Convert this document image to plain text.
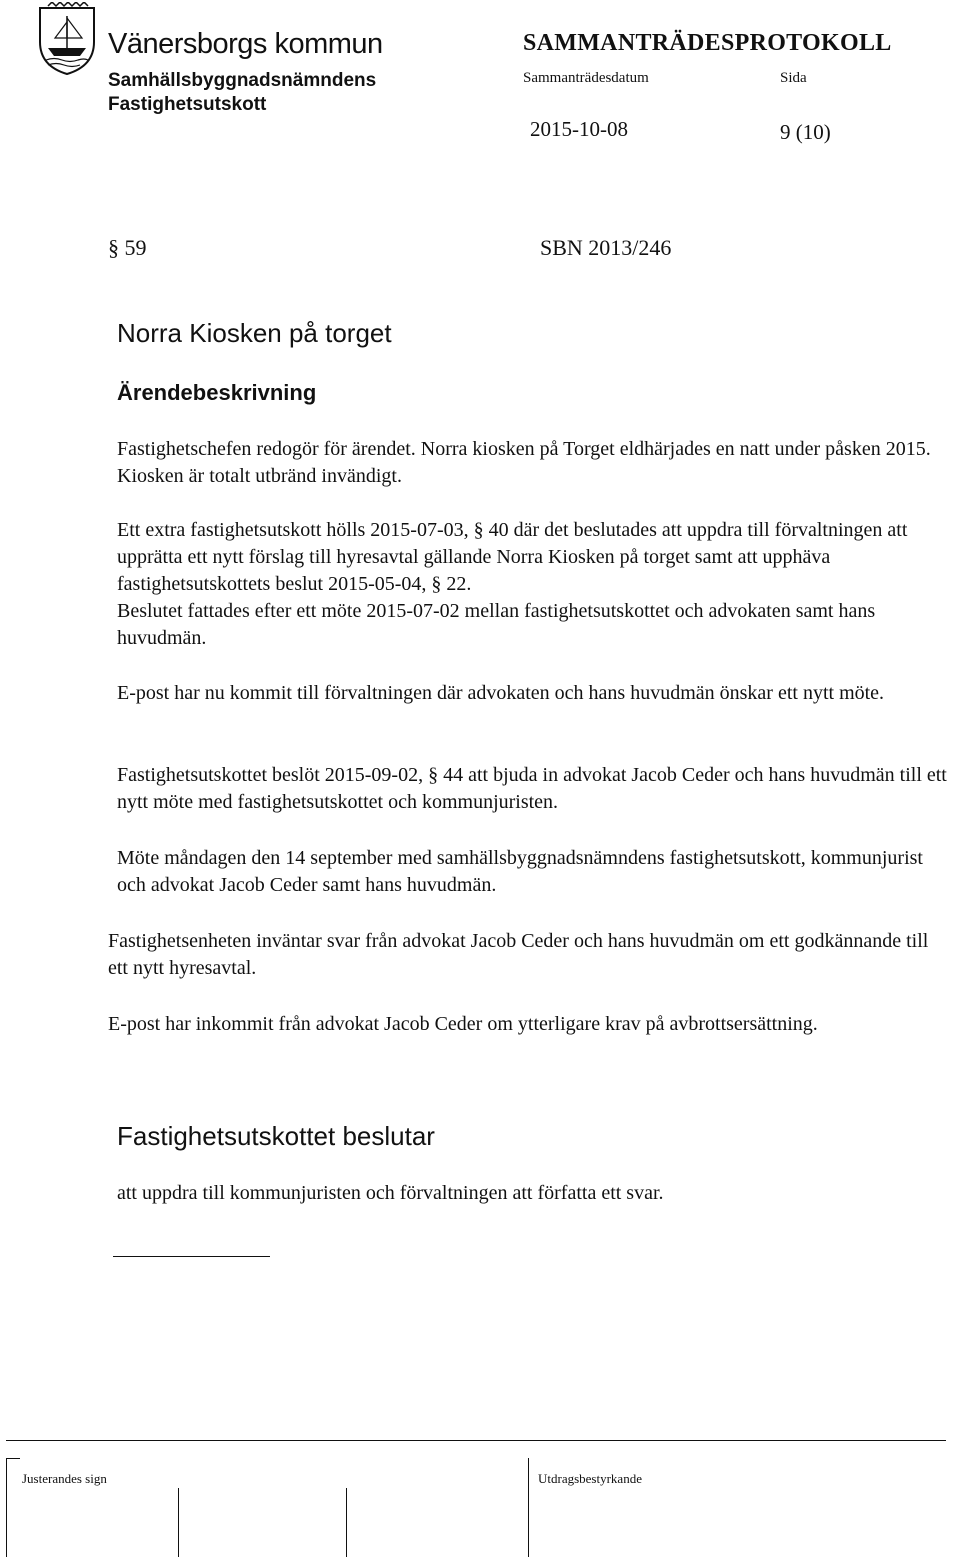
Vänersborgs kommun
Samhällsbyggnadsnämndens
Fastighetsutskott
SAMMANTRÄDESPROTOKOLL
Sammanträdesdatum	Sida
2015-10-08	9 (10)
§ 59	SBN 2013/246
Norra Kiosken på torget
Ärendebeskrivning
Fastighetschefen redogör för ärendet. Norra kiosken på Torget eldhärjades en natt under påsken 2015. Kiosken är totalt utbränd invändigt.
Ett extra fastighetsutskott hölls 2015-07-03, § 40 där det beslutades att uppdra till förvaltningen att upprätta ett nytt förslag till hyresavtal gällande Norra Kiosken på torget samt att upphäva fastighetsutskottets beslut 2015-05-04, § 22.
Beslutet fattades efter ett möte 2015-07-02 mellan fastighetsutskottet och advokaten samt hans huvudmän.
E-post har nu kommit till förvaltningen där advokaten och hans huvudmän önskar ett nytt möte.
Fastighetsutskottet beslöt 2015-09-02, § 44 att bjuda in advokat Jacob Ceder och hans huvudmän till ett nytt möte med fastighetsutskottet och kommunjuristen.
Möte måndagen den 14 september med samhällsbyggnadsnämndens fastighetsutskott, kommunjurist och advokat Jacob Ceder samt hans huvudmän.
Fastighetsenheten inväntar svar från advokat Jacob Ceder och hans huvudmän om ett godkännande till ett nytt hyresavtal.
E-post har inkommit från advokat Jacob Ceder om ytterligare krav på avbrottsersättning.
Fastighetsutskottet beslutar
att uppdra till kommunjuristen och förvaltningen att författa ett svar.
Justerandes sign	Utdragsbestyrkande
